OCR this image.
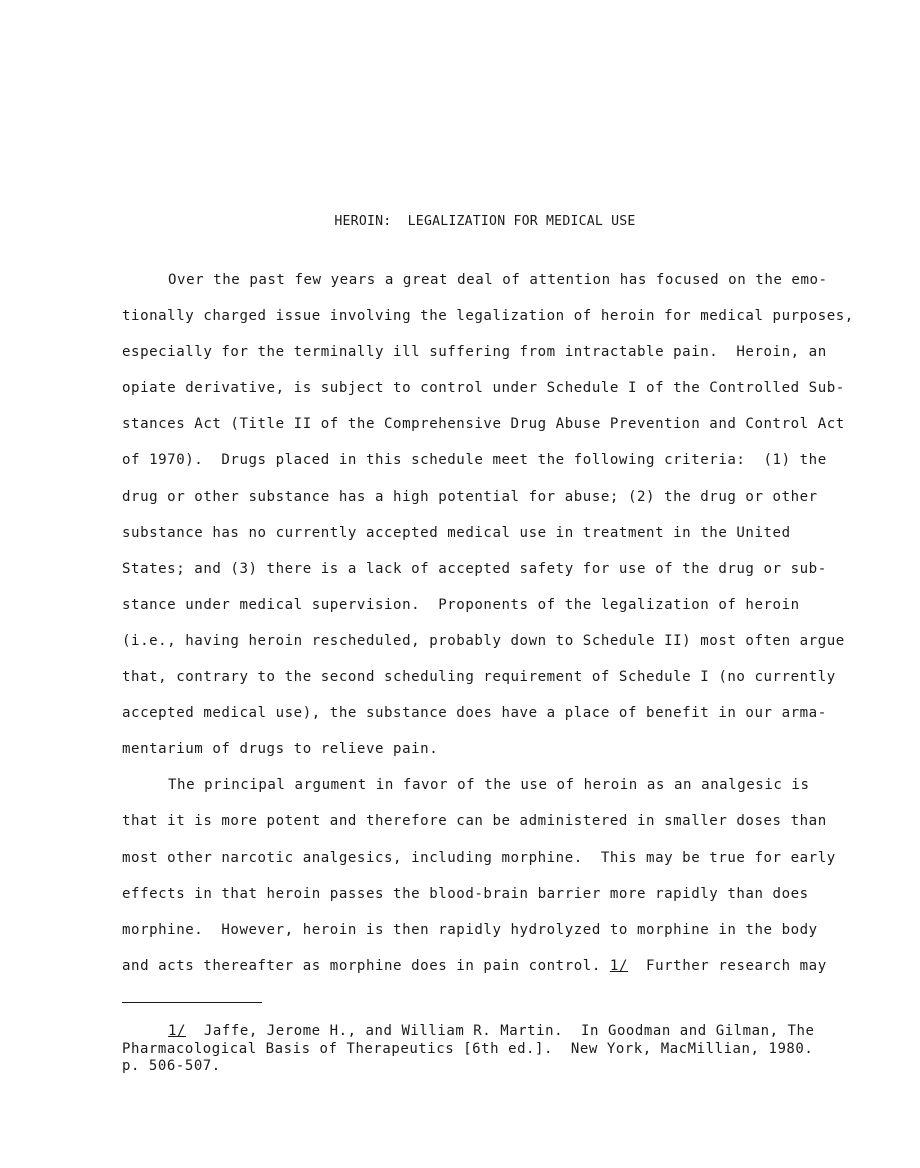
HEROIN:  LEGALIZATION FOR MEDICAL USE
Over the past few years a great deal of attention has focused on the emo-
tionally charged issue involving the legalization of heroin for medical purposes,
especially for the terminally ill suffering from intractable pain.  Heroin, an
opiate derivative, is subject to control under Schedule I of the Controlled Sub-
stances Act (Title II of the Comprehensive Drug Abuse Prevention and Control Act
of 1970).  Drugs placed in this schedule meet the following criteria:  (1) the
drug or other substance has a high potential for abuse; (2) the drug or other
substance has no currently accepted medical use in treatment in the United
States; and (3) there is a lack of accepted safety for use of the drug or sub-
stance under medical supervision.  Proponents of the legalization of heroin
(i.e., having heroin rescheduled, probably down to Schedule II) most often argue
that, contrary to the second scheduling requirement of Schedule I (no currently
accepted medical use), the substance does have a place of benefit in our arma-
mentarium of drugs to relieve pain.
The principal argument in favor of the use of heroin as an analgesic is
that it is more potent and therefore can be administered in smaller doses than
most other narcotic analgesics, including morphine.  This may be true for early
effects in that heroin passes the blood-brain barrier more rapidly than does
morphine.  However, heroin is then rapidly hydrolyzed to morphine in the body
and acts thereafter as morphine does in pain control. 1/  Further research may
1/  Jaffe, Jerome H., and William R. Martin.  In Goodman and Gilman, The
Pharmacological Basis of Therapeutics [6th ed.].  New York, MacMillian, 1980.
p. 506-507.
